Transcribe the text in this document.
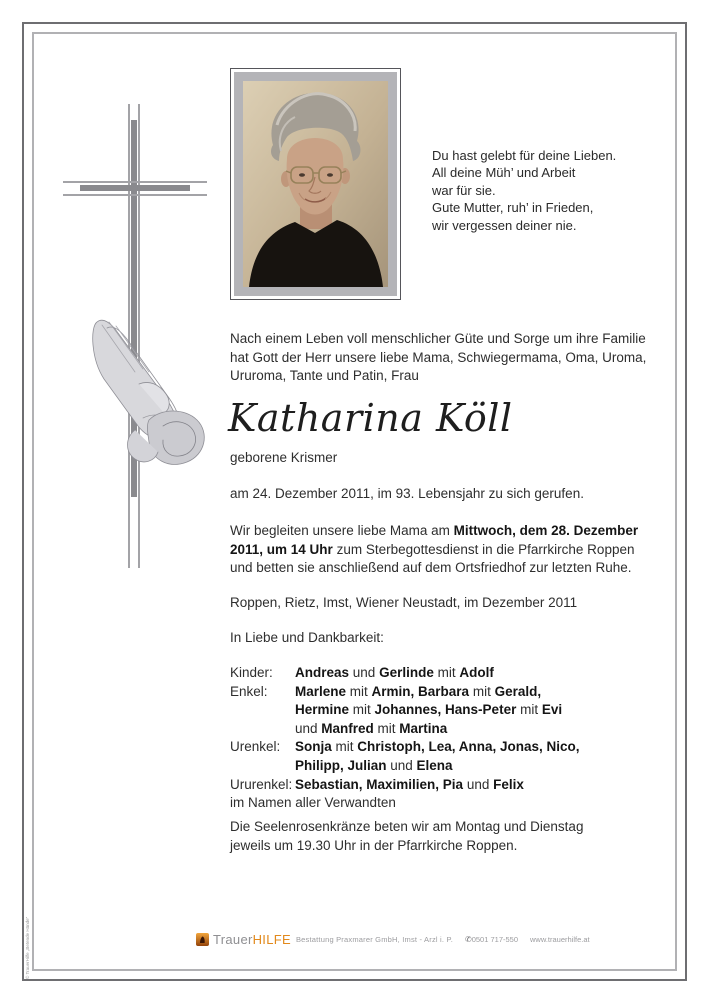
Du hast gelebt für deine Lieben.
All deine Müh’ und Arbeit
war für sie.
Gute Mutter, ruh’ in Frieden,
wir vergessen deiner nie.
Nach einem Leben voll menschlicher Güte und Sorge um ihre Familie
hat Gott der Herr unsere liebe Mama, Schwiegermama, Oma, Uroma,
Ururoma, Tante und Patin, Frau
Katharina Köll
geborene Krismer
am 24. Dezember 2011, im 93. Lebensjahr zu sich gerufen.
Wir begleiten unsere liebe Mama am Mittwoch, dem 28. Dezember
2011, um 14 Uhr zum Sterbegottesdienst in die Pfarrkirche Roppen
und betten sie anschließend auf dem Ortsfriedhof zur letzten Ruhe.
Roppen, Rietz, Imst, Wiener Neustadt, im Dezember 2011
In Liebe und Dankbarkeit:
Kinder:	Andreas und Gerlinde mit Adolf
Enkel:	Marlene mit Armin, Barbara mit Gerald,
Hermine mit Johannes, Hans-Peter mit Evi
und Manfred mit Martina
Urenkel:	Sonja mit Christoph, Lea, Anna, Jonas, Nico,
Philipp, Julian und Elena
Ururenkel: Sebastian, Maximilien, Pia und Felix
im Namen aller Verwandten
Die Seelenrosenkränze beten wir am Montag und Dienstag
jeweils um 19.30 Uhr in der Pfarrkirche Roppen.
TrauerHILFE Bestattung Praxmarer GmbH, Imst - Arzl i. P. ✆0501 717-550 www.trauerhilfe.at
© TrauerHilfe „Betende Hände“
